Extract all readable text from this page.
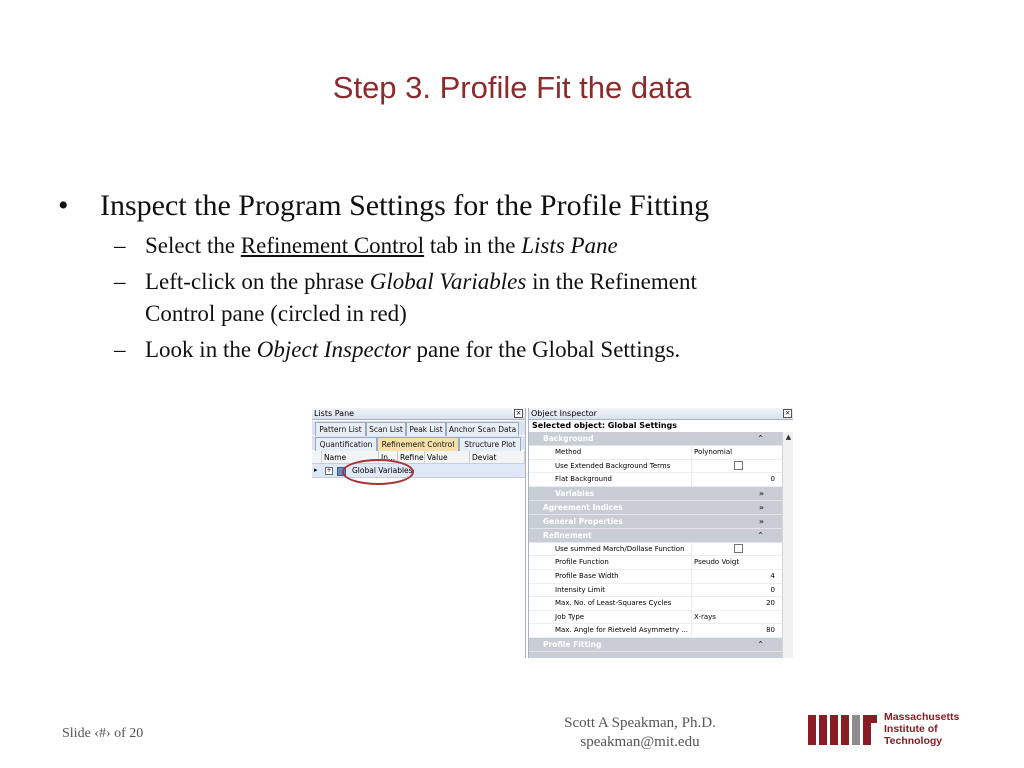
Step 3. Profile Fit the data
• Inspect the Program Settings for the Profile Fitting
– Select the Refinement Control tab in the Lists Pane
– Left-click on the phrase Global Variables in the Refinement
Control pane (circled in red)
– Look in the Object Inspector pane for the Global Settings.
Lists Pane	×
Pattern List Scan List Peak List Anchor Scan Data
Quantification	Refinement Control	Structure Plot
Name	In... Refine Value	Deviat
▸ +	Global Variables
Object Inspector	×
Selected object: Global Settings
Background	⌃
Method	Polynomial
Use Extended Background Terms
Flat Background	0
Variables	»
Agreement Indices	»
General Properties	»
Refinement	⌃
Use summed March/Dollase Function
Profile Function	Pseudo Voigt
Profile Base Width	4
Intensity Limit	0
Max. No. of Least-Squares Cycles	20
Job Type	X-rays
Max. Angle for Rietveld Asymmetry ...	80
Profile Fitting	⌃
▲
Slide ‹#› of 20
Scott A Speakman, Ph.D.
speakman@mit.edu
Massachusetts
Institute of
Technology
